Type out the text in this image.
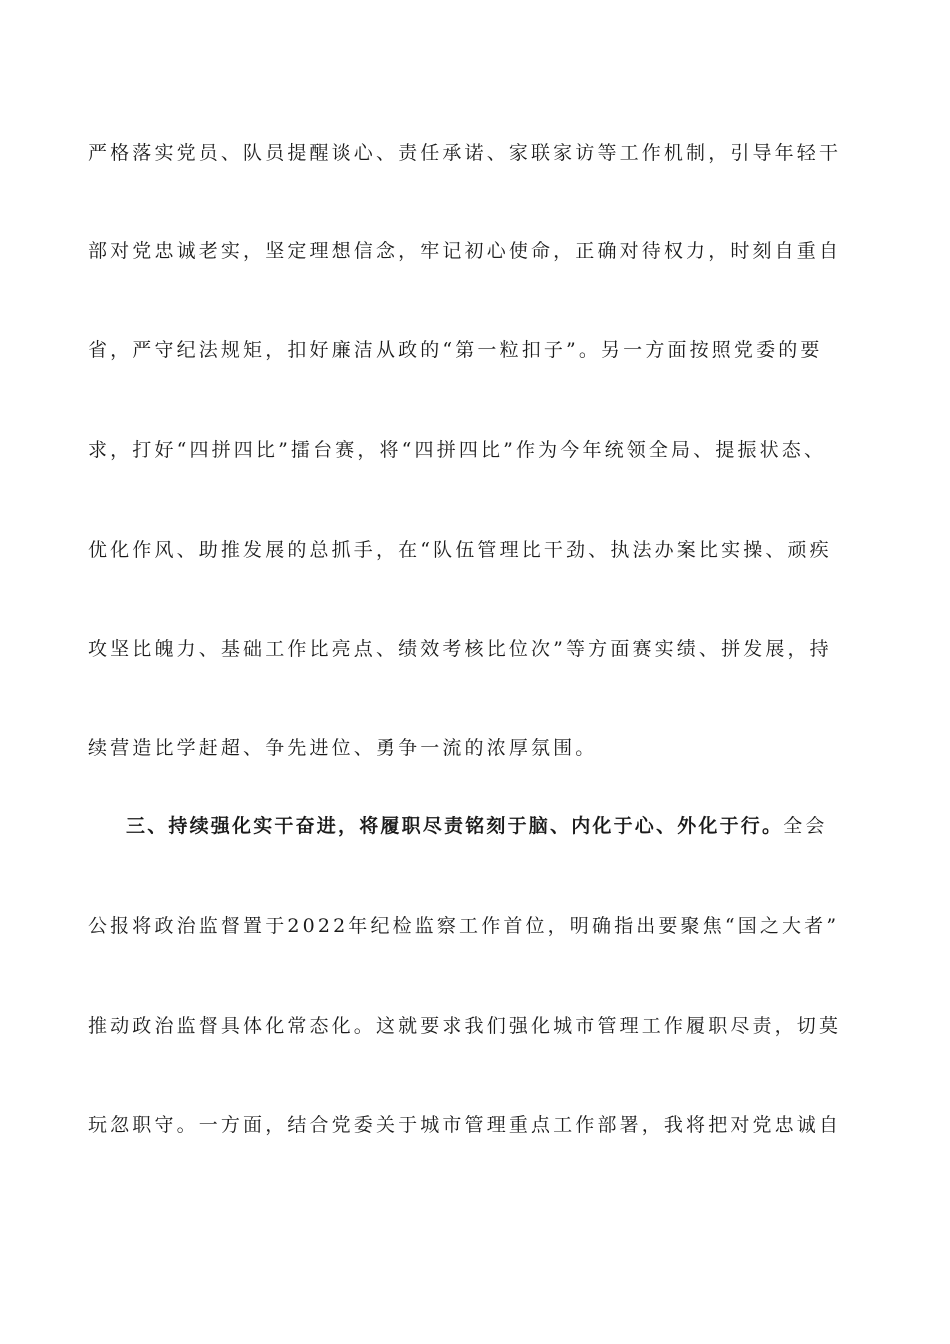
严格落实党员、队员提醒谈心、责任承诺、家联家访等工作机制，引导年轻干
部对党忠诚老实，坚定理想信念，牢记初心使命，正确对待权力，时刻自重自
省，严守纪法规矩，扣好廉洁从政的“第一粒扣子”。另一方面按照党委的要
求，打好“四拼四比”擂台赛，将“四拼四比”作为今年统领全局、提振状态、
优化作风、助推发展的总抓手，在“队伍管理比干劲、执法办案比实操、顽疾
攻坚比魄力、基础工作比亮点、绩效考核比位次”等方面赛实绩、拼发展，持
续营造比学赶超、争先进位、勇争一流的浓厚氛围。
三、持续强化实干奋进，将履职尽责铭刻于脑、内化于心、外化于行。全会
公报将政治监督置于2022年纪检监察工作首位，明确指出要聚焦“国之大者”
推动政治监督具体化常态化。这就要求我们强化城市管理工作履职尽责，切莫
玩忽职守。一方面，结合党委关于城市管理重点工作部署，我将把对党忠诚自
